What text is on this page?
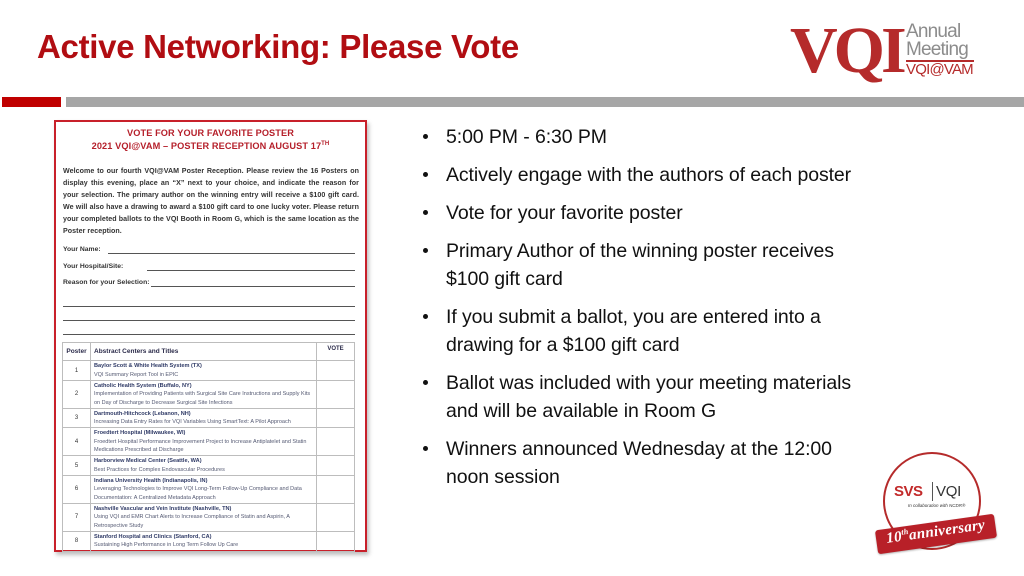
Active Networking: Please Vote	VQI Annual
Meeting
VQI@VAM
VOTE FOR YOUR FAVORITE POSTER
2021 VQI@VAM – POSTER RECEPTION AUGUST 17TH
Welcome to our fourth VQI@VAM Poster Reception. Please review the 16 Posters on display this evening, place an “X” next to your choice, and indicate the reason for your selection. The primary author on the winning entry will receive a $100 gift card. We will also have a drawing to award a $100 gift card to one lucky voter. Please return your completed ballots to the VQI Booth in Room G, which is the same location as the Poster reception.
Your Name:
Your Hospital/Site:
Reason for your Selection:
Poster	Abstract Centers and Titles	VOTE
1	Baylor Scott & White Health System (TX)
VQI Summary Report Tool in EPIC	

2	Catholic Health System (Buffalo, NY)
Implementation of Providing Patients with Surgical Site Care Instructions and Supply Kits on Day of Discharge to Decrease Surgical Site Infections	

3	Dartmouth-Hitchcock (Lebanon, NH)
Increasing Data Entry Rates for VQI Variables Using SmartText: A Pilot Approach	

4	Froedtert Hospital (Milwaukee, WI)
Froedtert Hospital Performance Improvement Project to Increase Antiplatelet and Statin Medications Prescribed at Discharge	

5	Harborview Medical Center (Seattle, WA)
Best Practices for Complex Endovascular Procedures	

6	Indiana University Health (Indianapolis, IN)
Leveraging Technologies to Improve VQI Long-Term Follow-Up Compliance and Data Documentation: A Centralized Metadata Approach	

7	Nashville Vascular and Vein Institute (Nashville, TN)
Using VQI and EMR Chart Alerts to Increase Compliance of Statin and Aspirin, A Retrospective Study	

8	Stanford Hospital and Clinics (Stanford, CA)
Sustaining High Performance in Long Term Follow Up Care	

5:00 PM - 6:30 PM
Actively engage with the authors of each poster
Vote for your favorite poster
Primary Author of the winning poster receives $100 gift card
If you submit a ballot, you are entered into a drawing for a $100 gift card
Ballot was included with your meeting materials and will be available in Room G
Winners announced Wednesday at the 12:00 noon session
SVS VQI
In collaboration with NCDR®
10thanniversary
